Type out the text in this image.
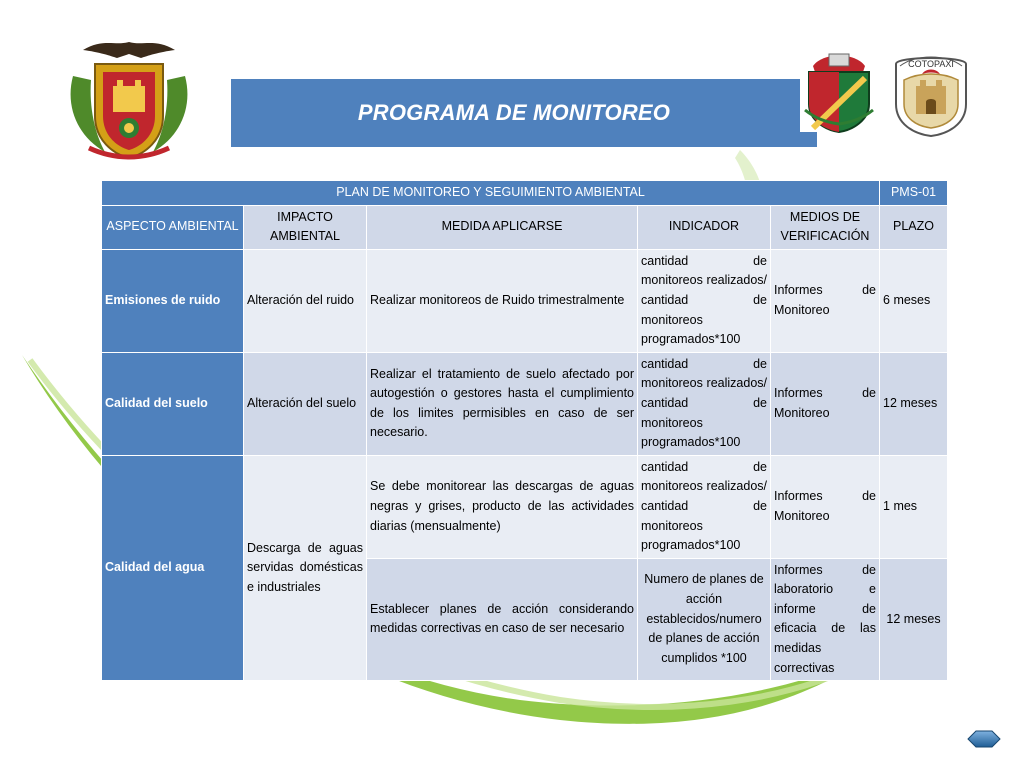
PROGRAMA DE MONITOREO
COTOPAXI
PLAN DE MONITOREO Y SEGUIMIENTO AMBIENTAL					PMS-01
ASPECTO AMBIENTAL	IMPACTO AMBIENTAL	MEDIDA APLICARSE	INDICADOR	MEDIOS DE VERIFICACIÓN	PLAZO
Emisiones de ruido	Alteración del ruido	Realizar monitoreos de Ruido trimestralmente	cantidad de monitoreos realizados/ cantidad de monitoreos programados*100	Informes de Monitoreo	6 meses
Calidad del suelo	Alteración del suelo	Realizar el tratamiento de suelo afectado por autogestión o gestores hasta el cumplimiento de los limites permisibles en caso de ser necesario.	cantidad de monitoreos realizados/ cantidad de monitoreos programados*100	Informes de Monitoreo	12 meses
Calidad del agua	Descarga de aguas servidas domésticas e industriales	Se debe monitorear las descargas de aguas negras y grises, producto de las actividades diarias (mensualmente)	cantidad de monitoreos realizados/ cantidad de monitoreos programados*100	Informes de Monitoreo	1 mes
		Establecer planes de acción considerando medidas correctivas en caso de ser necesario	Numero de planes de acción establecidos/numero de planes de acción cumplidos *100	Informes de laboratorio e informe de eficacia de las medidas correctivas	12 meses
